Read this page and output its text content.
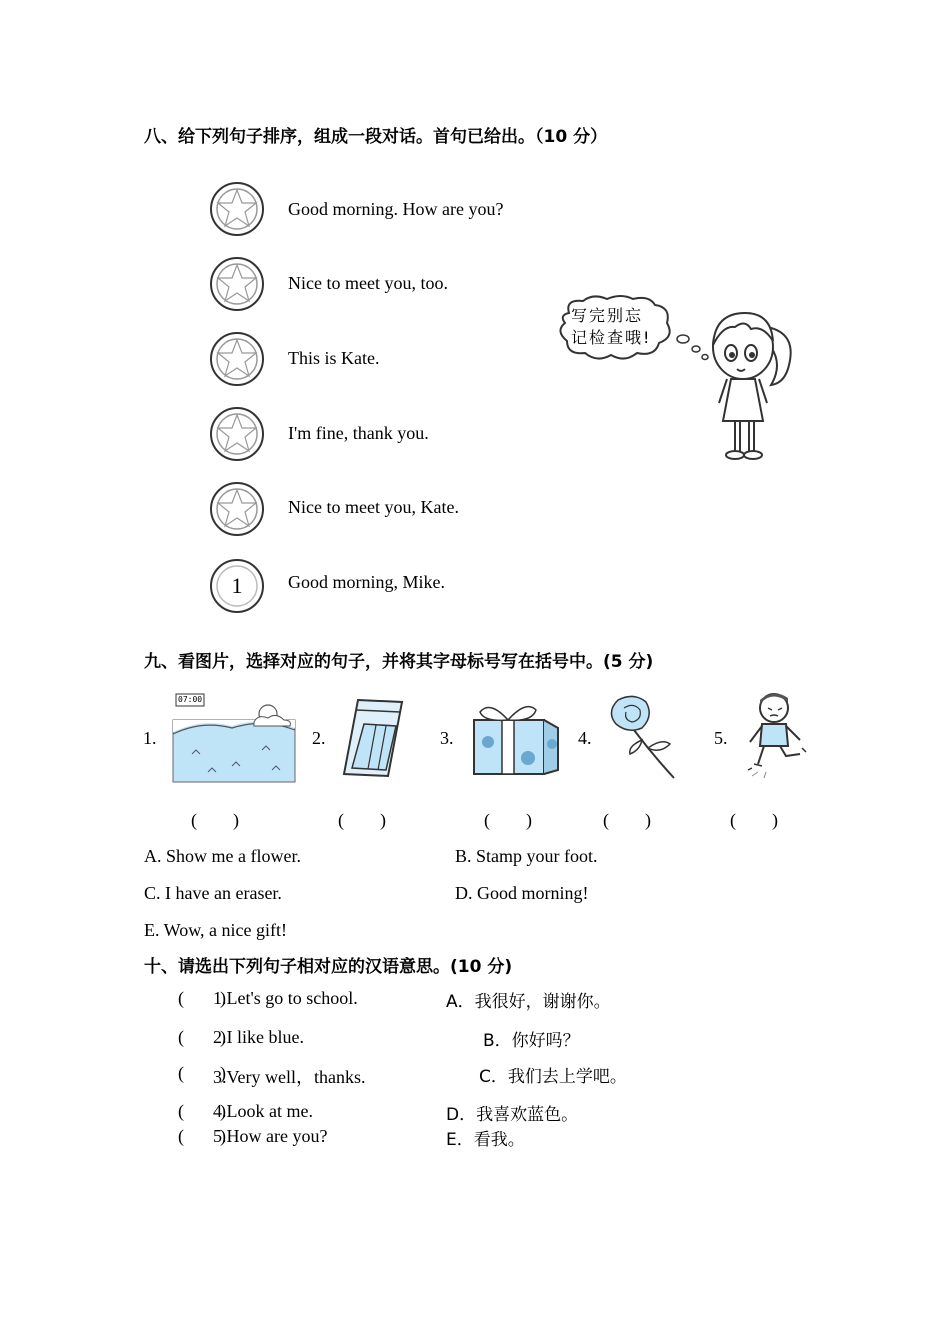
八、给下列句子排序，组成一段对话。首句已给出。（10 分）
Good morning. How are you?
Nice to meet you, too.
This is Kate.
I'm fine, thank you.
Nice to meet you, Kate.
1	Good morning, Mike.
写完别忘
记检查哦!
九、看图片，选择对应的句子，并将其字母标号写在括号中。(5 分)
1.
07:00
2.	3.	4.	5.
(        )	(        )	(        )	(        )	(        )
A. Show me a flower.	B. Stamp your foot.
C. I have an eraser.	D. Good morning!
E. Wow, a nice gift!
十、请选出下列句子相对应的汉语意思。(10 分)
(        )
1.Let's go to school.	A．我很好，谢谢你。
(        )
2.I like blue.	B．你好吗？
(        )
3.Very well，thanks.	C．我们去上学吧。
(        )
4.Look at me.	D．我喜欢蓝色。
(        )
5.How are you?	E．看我。
